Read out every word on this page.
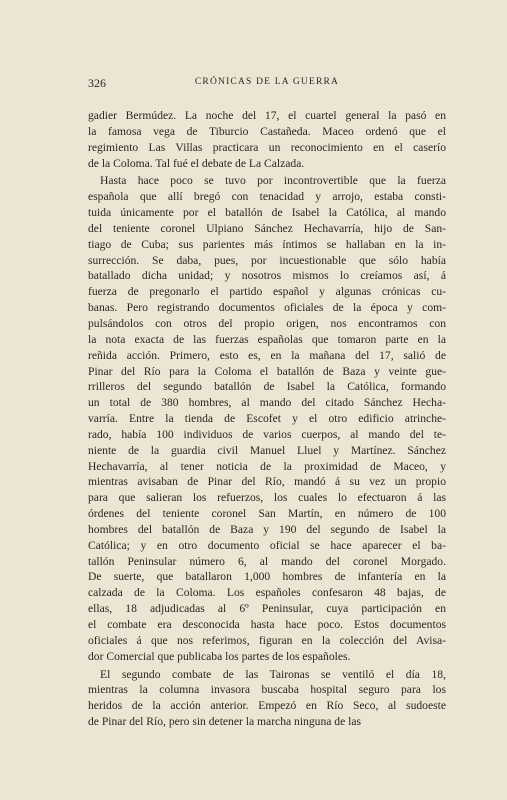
326	CRÓNICAS DE LA GUERRA
gadier Bermúdez. La noche del 17, el cuartel general la pasó en
la famosa vega de Tiburcio Castañeda. Maceo ordenó que el
regimiento Las Villas practicara un reconocimiento en el caserío
de la Coloma. Tal fué el debate de La Calzada.
Hasta hace poco se tuvo por incontrovertible que la fuerza
española que allí bregó con tenacidad y arrojo, estaba consti-
tuida únicamente por el batallón de Isabel la Católica, al mando
del teniente coronel Ulpiano Sánchez Hechavarría, hijo de San-
tiago de Cuba; sus parientes más íntimos se hallaban en la in-
surrección. Se daba, pues, por incuestionable que sólo había
batallado dicha unidad; y nosotros mismos lo creíamos así, á
fuerza de pregonarlo el partido español y algunas crónicas cu-
banas. Pero registrando documentos oficiales de la época y com-
pulsándolos con otros del propio origen, nos encontramos con
la nota exacta de las fuerzas españolas que tomaron parte en la
reñida acción. Primero, esto es, en la mañana del 17, salió de
Pinar del Río para la Coloma el batallón de Baza y veinte gue-
rrilleros del segundo batallón de Isabel la Católica, formando
un total de 380 hombres, al mando del citado Sánchez Hecha-
varría. Entre la tienda de Escofet y el otro edificio atrinche-
rado, había 100 individuos de varios cuerpos, al mando del te-
niente de la guardia civil Manuel Lluel y Martínez. Sánchez
Hechavarría, al tener noticia de la proximidad de Maceo, y
mientras avisaban de Pinar del Río, mandó á su vez un propio
para que salieran los refuerzos, los cuales lo efectuaron á las
órdenes del teniente coronel San Martín, en número de 100
hombres del batallón de Baza y 190 del segundo de Isabel la
Católica; y en otro documento oficial se hace aparecer el ba-
tallón Peninsular número 6, al mando del coronel Morgado.
De suerte, que batallaron 1,000 hombres de infantería en la
calzada de la Coloma. Los españoles confesaron 48 bajas, de
ellas, 18 adjudicadas al 6º Peninsular, cuya participación en
el combate era desconocida hasta hace poco. Estos documentos
oficiales á que nos referimos, figuran en la colección del Avisa-
dor Comercial que publicaba los partes de los españoles.
El segundo combate de las Taironas se ventiló el día 18,
mientras la columna invasora buscaba hospital seguro para los
heridos de la acción anterior. Empezó en Río Seco, al sudoeste
de Pinar del Río, pero sin detener la marcha ninguna de las
